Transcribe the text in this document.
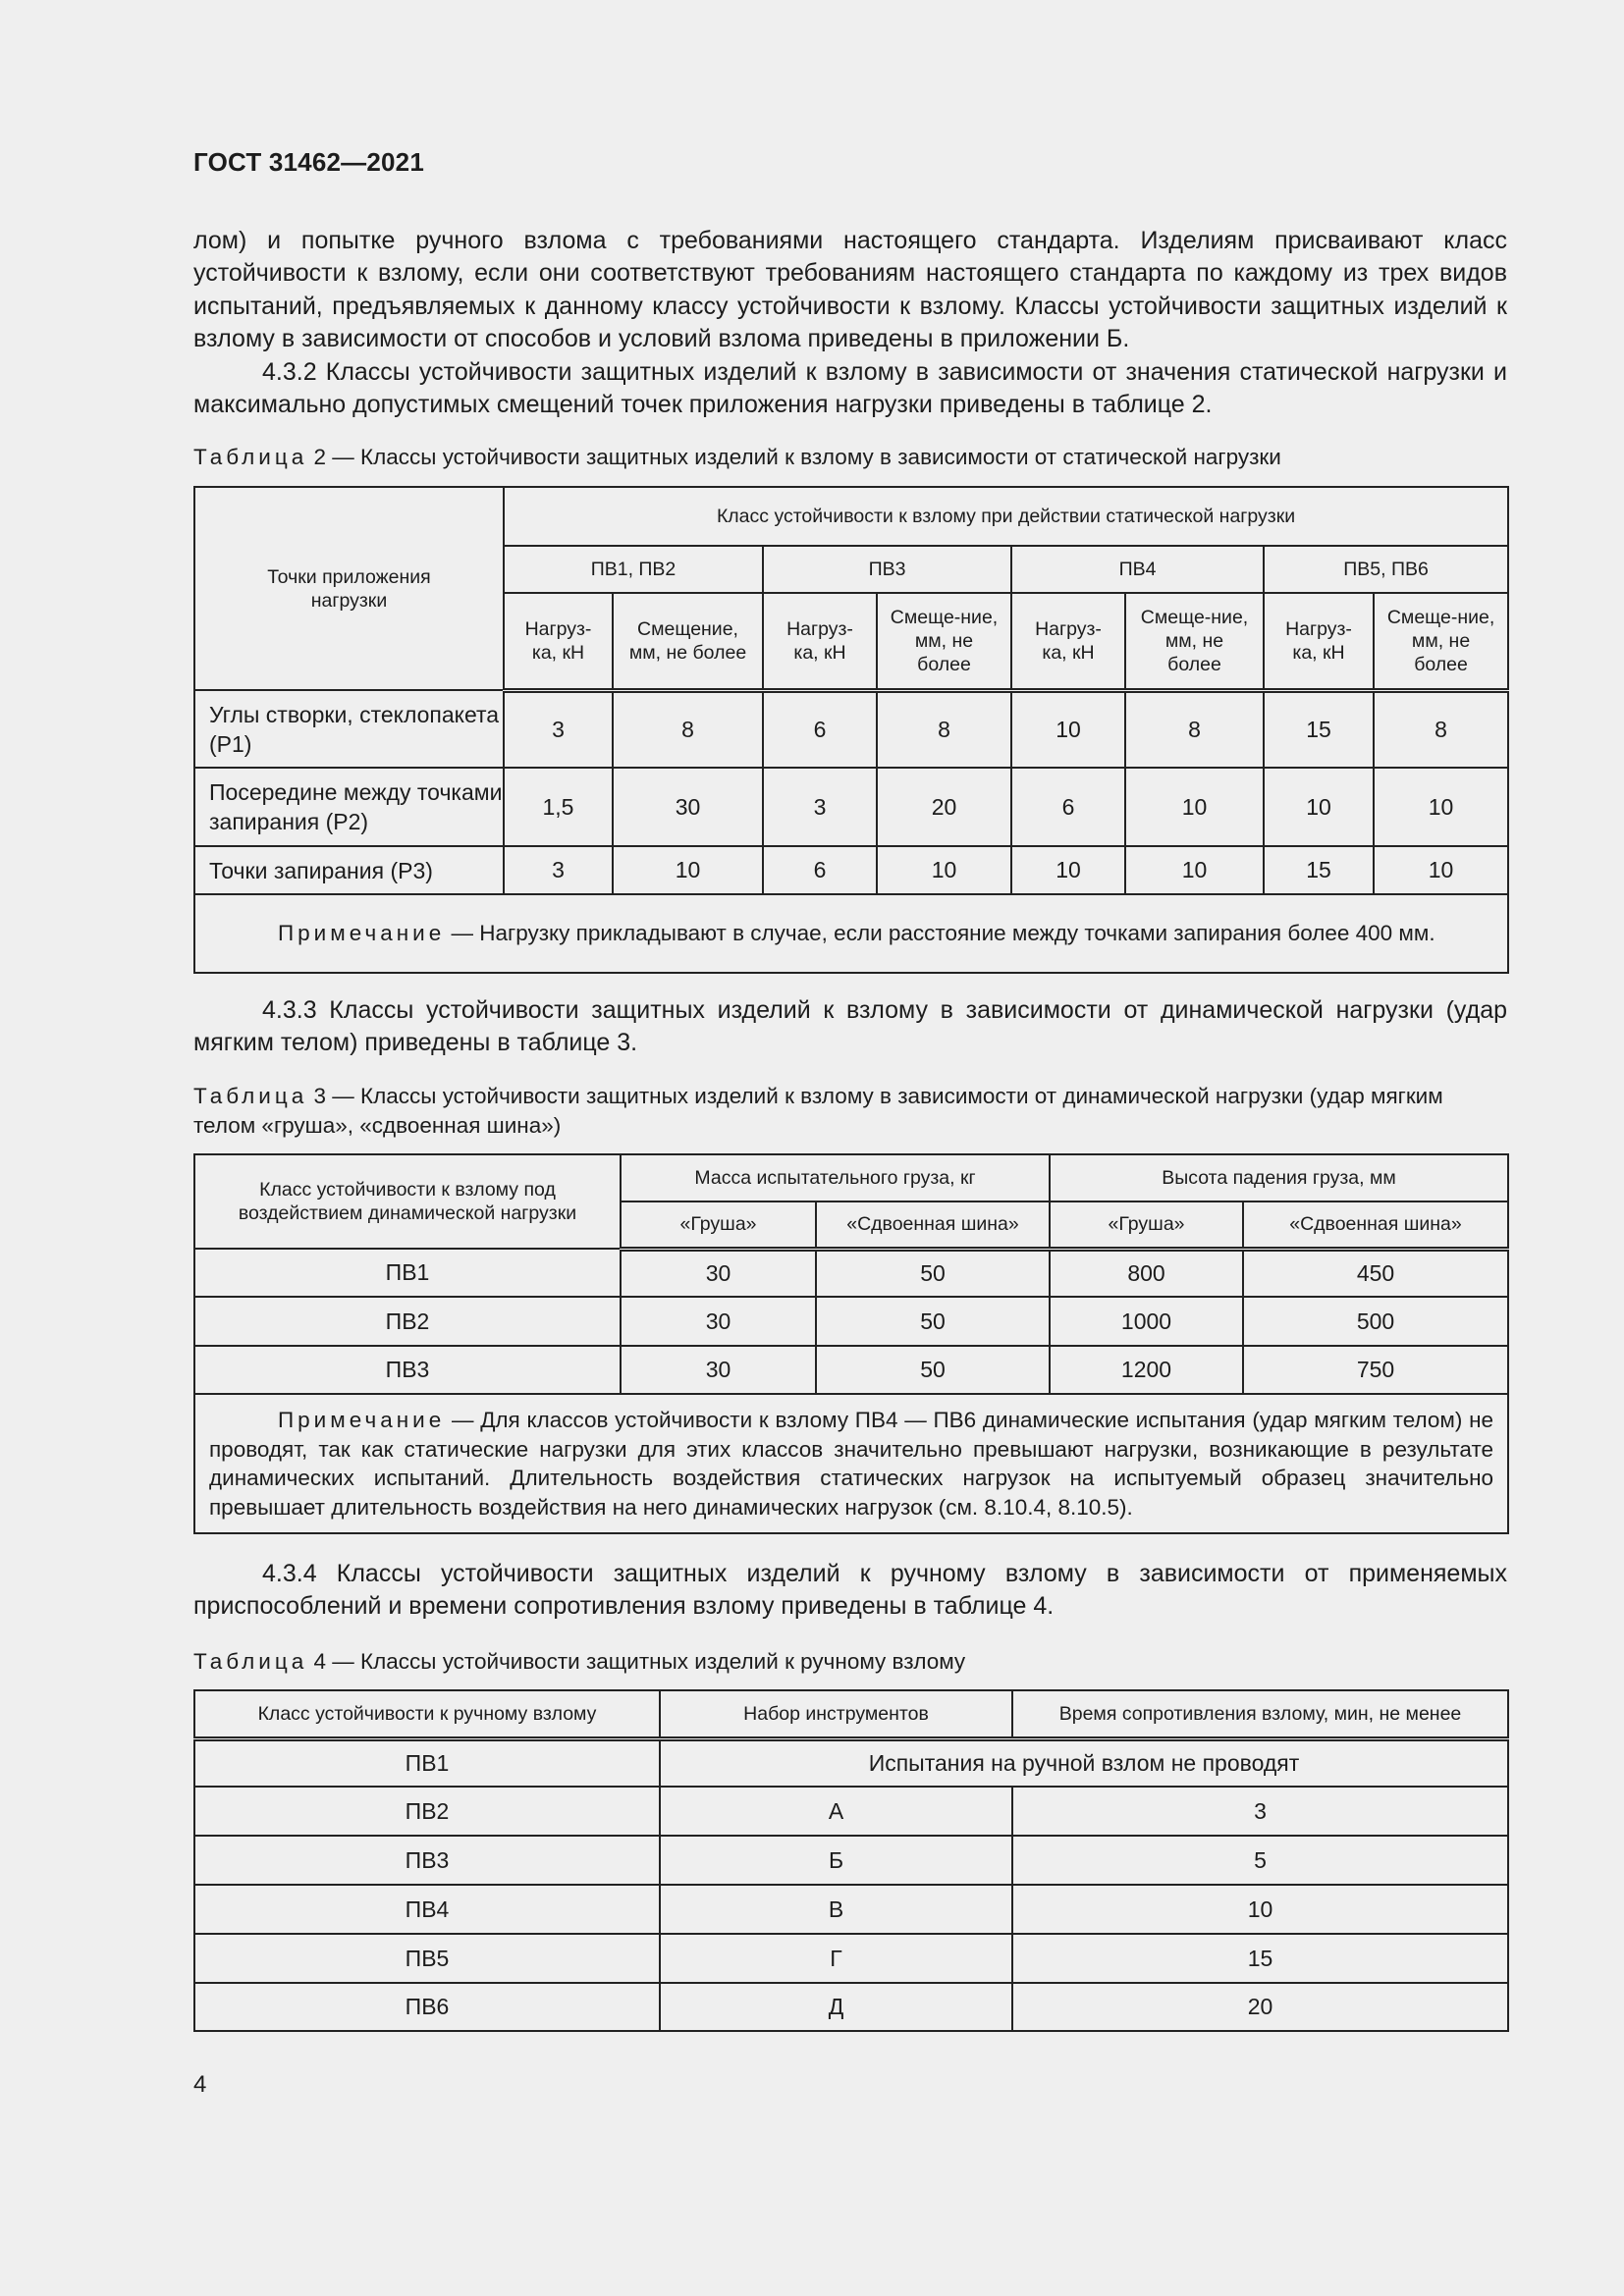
ГОСТ 31462—2021
лом) и попытке ручного взлома с требованиями настоящего стандарта. Изделиям присваивают класс устойчивости к взлому, если они соответствуют требованиям настоящего стандарта по каждому из трех видов испытаний, предъявляемых к данному классу устойчивости к взлому. Классы устойчивости защитных изделий к взлому в зависимости от способов и условий взлома приведены в приложении Б.
4.3.2 Классы устойчивости защитных изделий к взлому в зависимости от значения статической нагрузки и максимально допустимых смещений точек приложения нагрузки приведены в таблице 2.
Таблица 2 — Классы устойчивости защитных изделий к взлому в зависимости от статической нагрузки
Точки приложения нагрузки	Класс устойчивости к взлому при действии статической нагрузки							
	ПВ1, ПВ2		ПВ3		ПВ4		ПВ5, ПВ6	
	Нагруз-ка, кН	Смещение, мм, не более	Нагруз-ка, кН	Смеще-ние, мм, не более	Нагруз-ка, кН	Смеще-ние, мм, не более	Нагруз-ка, кН	Смеще-ние, мм, не более
Углы створки, стеклопакета (Р1)	3	8	6	8	10	8	15	8
Посередине между точками запирания (Р2)	1,5	30	3	20	6	10	10	10
Точки запирания (Р3)	3	10	6	10	10	10	15	10
Примечание — Нагрузку прикладывают в случае, если расстояние между точками запирания более 400 мм.								
4.3.3 Классы устойчивости защитных изделий к взлому в зависимости от динамической нагрузки (удар мягким телом) приведены в таблице 3.
Таблица 3 — Классы устойчивости защитных изделий к взлому в зависимости от динамической нагрузки (удар мягким телом «груша», «сдвоенная шина»)
Класс устойчивости к взлому под воздействием динамической нагрузки	Масса испытательного груза, кг		Высота падения груза, мм	
	«Груша»	«Сдвоенная шина»	«Груша»	«Сдвоенная шина»
ПВ1	30	50	800	450
ПВ2	30	50	1000	500
ПВ3	30	50	1200	750
Примечание — Для классов устойчивости к взлому ПВ4 — ПВ6 динамические испытания (удар мягким телом) не проводят, так как статические нагрузки для этих классов значительно превышают нагрузки, возникающие в результате динамических испытаний. Длительность воздействия статических нагрузок на испытуемый образец значительно превышает длительность воздействия на него динамических нагрузок (см. 8.10.4, 8.10.5).				
4.3.4 Классы устойчивости защитных изделий к ручному взлому в зависимости от применяемых приспособлений и времени сопротивления взлому приведены в таблице 4.
Таблица 4 — Классы устойчивости защитных изделий к ручному взлому
Класс устойчивости к ручному взлому	Набор инструментов	Время сопротивления взлому, мин, не менее
ПВ1	Испытания на ручной взлом не проводят	
ПВ2	А	3
ПВ3	Б	5
ПВ4	В	10
ПВ5	Г	15
ПВ6	Д	20
4
